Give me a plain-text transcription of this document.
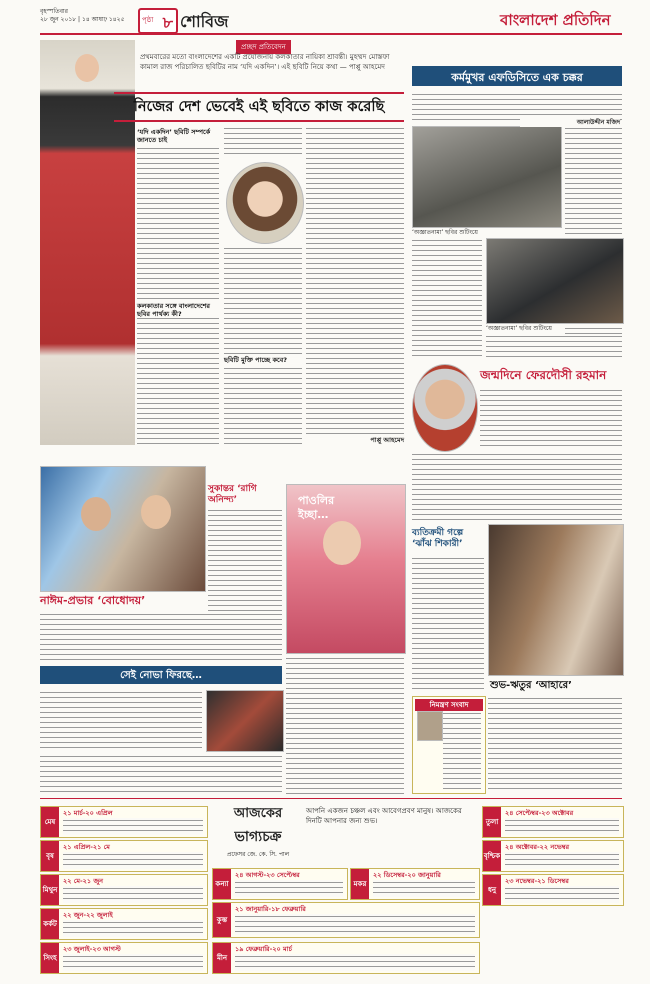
বৃহস্পতিবার
২৮ জুন ২০১৮ | ১৪ আষাঢ় ১৪২৫	পৃষ্ঠা ৮ শোবিজ	বাংলাদেশ প্রতিদিন
প্রচ্ছদ প্রতিবেদন
প্রথমবারের মতো বাংলাদেশের একটি প্রযোজনায় কলকাতার নায়িকা শ্রাবন্তী। মুহম্মদ মোস্তফা কামাল রাজ পরিচালিত ছবিটির নাম ‘যদি একদিন’। এই ছবিটি নিয়ে কথা — পাপ্পু আহমেদ
নিজের দেশ ভেবেই এই ছবিতে কাজ করেছি
‘যদি একদিন’ ছবিটি সম্পর্কে জানতে চাই
কলকাতার সঙ্গে বাংলাদেশের ছবির পার্থক্য কী?
ছবিটি মুক্তি পাচ্ছে কবে?
পাপ্পু আহমেদ
কর্মমুখর এফডিসিতে এক চক্কর
‘অজ্ঞাতনামা’ ছবির শুটিংয়ে
‘অজ্ঞাতনামা’ ছবির শুটিংয়ে
আলাউদ্দীন মজিদ
জন্মদিনে ফেরদৌসী রহমান
সুকান্তর ‘রাগি অনিন্দ্য’
নাঈম-প্রভার ‘বোধোদয়’
পাওলির ইচ্ছা…
ব্যতিক্রমী গল্পে ‘ঝাঁঝ শিকারী’
শুভ-ঋতুর ‘আহারে’
সেই নোভা ফিরছে…
নিমন্ত্রণ সংবাদ
আজকের
ভাগ্যচক্র
প্রফেসর জে. কে. সি. পাল
আপনি একজন চঞ্চল এবং আবেগপ্রবণ মানুষ। আজকের দিনটি আপনার জন্য শুভ।
মেষ
২১ মার্চ-২০ এপ্রিল
বৃষ
২১ এপ্রিল-২১ মে
মিথুন
২২ মে-২১ জুন
কর্কট
২২ জুন-২২ জুলাই
সিংহ
২৩ জুলাই-২৩ আগস্ট
কন্যা
২৪ আগস্ট-২৩ সেপ্টেম্বর
তুলা
২৪ সেপ্টেম্বর-২৩ অক্টোবর
বৃশ্চিক
২৪ অক্টোবর-২২ নভেম্বর
ধনু
২৩ নভেম্বর-২১ ডিসেম্বর
মকর
২২ ডিসেম্বর-২০ জানুয়ারি
কুম্ভ
২১ জানুয়ারি-১৮ ফেব্রুয়ারি
মীন
১৯ ফেব্রুয়ারি-২০ মার্চ
